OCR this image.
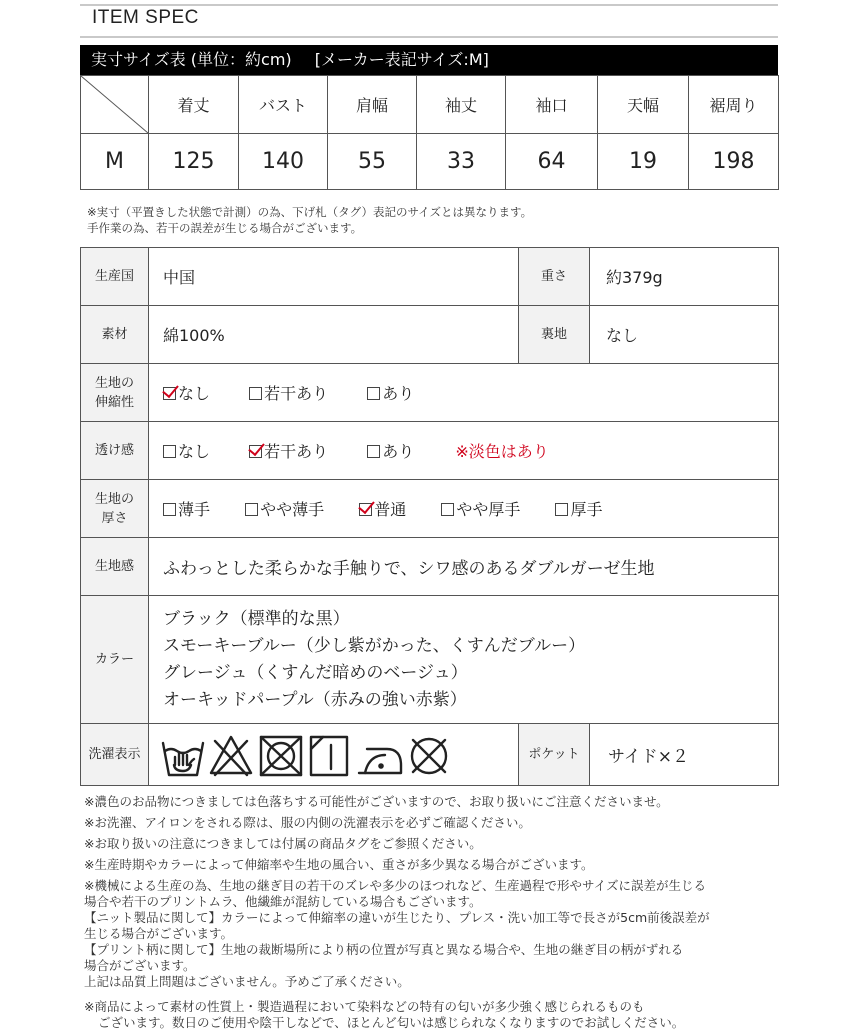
ITEM SPEC
実寸サイズ表 (単位：約cm) [メーカー表記サイズ:M]
	着丈	バスト	肩幅	袖丈	袖口	天幅	裾周り
M	125	140	55	33	64	19	198
※実寸（平置きした状態で計測）の為、下げ札（タグ）表記のサイズとは異なります。
手作業の為、若干の誤差が生じる場合がございます。
生産国	中国	重さ	約379g
素材	綿100%	裏地	なし
生地の
伸縮性	なし 若干あり あり		
透け感	なし 若干あり あり ※淡色はあり		
生地の
厚さ	薄手 やや薄手 普通 やや厚手 厚手		
生地感	ふわっとした柔らかな手触りで、シワ感のあるダブルガーゼ生地		
カラー	ブラック（標準的な黒）
スモーキーブルー（少し紫がかった、くすんだブルー）
グレージュ（くすんだ暗めのベージュ）
オーキッドパープル（赤みの強い赤紫）		

洗濯表示		ポケット	サイド×２

※濃色のお品物につきましては色落ちする可能性がございますので、お取り扱いにご注意くださいませ。

※お洗濯、アイロンをされる際は、服の内側の洗濯表示を必ずご確認ください。

※お取り扱いの注意につきましては付属の商品タグをご参照ください。

※生産時期やカラーによって伸縮率や生地の風合い、重さが多少異なる場合がございます。

※機械による生産の為、生地の継ぎ目の若干のズレや多少のほつれなど、生産過程で形やサイズに誤差が生じる

場合や若干のプリントムラ、他繊維が混紡している場合もございます。

【ニット製品に関して】カラーによって伸縮率の違いが生じたり、プレス・洗い加工等で長さが5cm前後誤差が

生じる場合がございます。

【プリント柄に関して】生地の裁断場所により柄の位置が写真と異なる場合や、生地の継ぎ目の柄がずれる

場合がございます。

上記は品質上問題はございません。予めご了承ください。

※商品によって素材の性質上・製造過程において染料などの特有の匂いが多少強く感じられるものも

ございます。数日のご使用や陰干しなどで、ほとんど匂いは感じられなくなりますのでお試しください。
